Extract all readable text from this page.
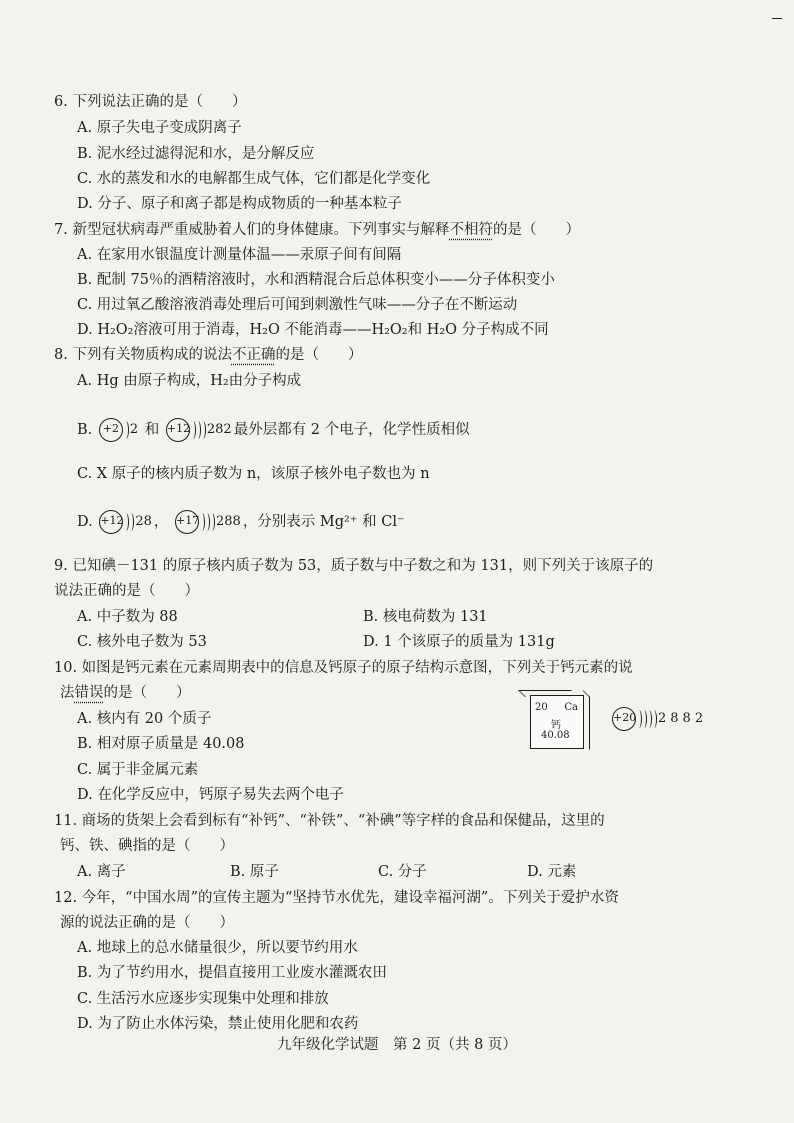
6. 下列说法正确的是（　　）
A. 原子失电子变成阴离子
B. 泥水经过滤得泥和水，是分解反应
C. 水的蒸发和水的电解都生成气体，它们都是化学变化
D. 分子、原子和离子都是构成物质的一种基本粒子
7. 新型冠状病毒严重威胁着人们的身体健康。下列事实与解释不相符的是（　　）
A. 在家用水银温度计测量体温——汞原子间有间隔
B. 配制 75％的酒精溶液时，水和酒精混合后总体积变小——分子体积变小
C. 用过氧乙酸溶液消毒处理后可闻到刺激性气味——分子在不断运动
D. H₂O₂溶液可用于消毒，H₂O 不能消毒——H₂O₂和 H₂O 分子构成不同
8. 下列有关物质构成的说法不正确的是（　　）
A. Hg 由原子构成，H₂由分子构成
B. +2 2 和 +12 282 最外层都有 2 个电子，化学性质相似
C. X 原子的核内质子数为 n，该原子核外电子数也为 n
D. +12 28 ， +17 288 ，分别表示 Mg²⁺ 和 Cl⁻
9. 已知碘－131 的原子核内质子数为 53，质子数与中子数之和为 131，则下列关于该原子的
说法正确的是（　　）
A. 中子数为 88	B. 核电荷数为 131
C. 核外电子数为 53	D. 1 个该原子的质量为 131g
10. 如图是钙元素在元素周期表中的信息及钙原子的原子结构示意图，下列关于钙元素的说
法错误的是（　　）
A. 核内有 20 个质子
B. 相对原子质量是 40.08
C. 属于非金属元素
D. 在化学反应中，钙原子易失去两个电子
20 Ca
钙
40.08
+20 2882
11. 商场的货架上会看到标有“补钙”、“补铁”、“补碘”等字样的食品和保健品，这里的
钙、铁、碘指的是（　　）
A. 离子	B. 原子	C. 分子	D. 元素
12. 今年，“中国水周”的宣传主题为“坚持节水优先，建设幸福河湖”。下列关于爱护水资
源的说法正确的是（　　）
A. 地球上的总水储量很少，所以要节约用水
B. 为了节约用水，提倡直接用工业废水灌溉农田
C. 生活污水应逐步实现集中处理和排放
D. 为了防止水体污染，禁止使用化肥和农药
九年级化学试题　第 2 页（共 8 页）
